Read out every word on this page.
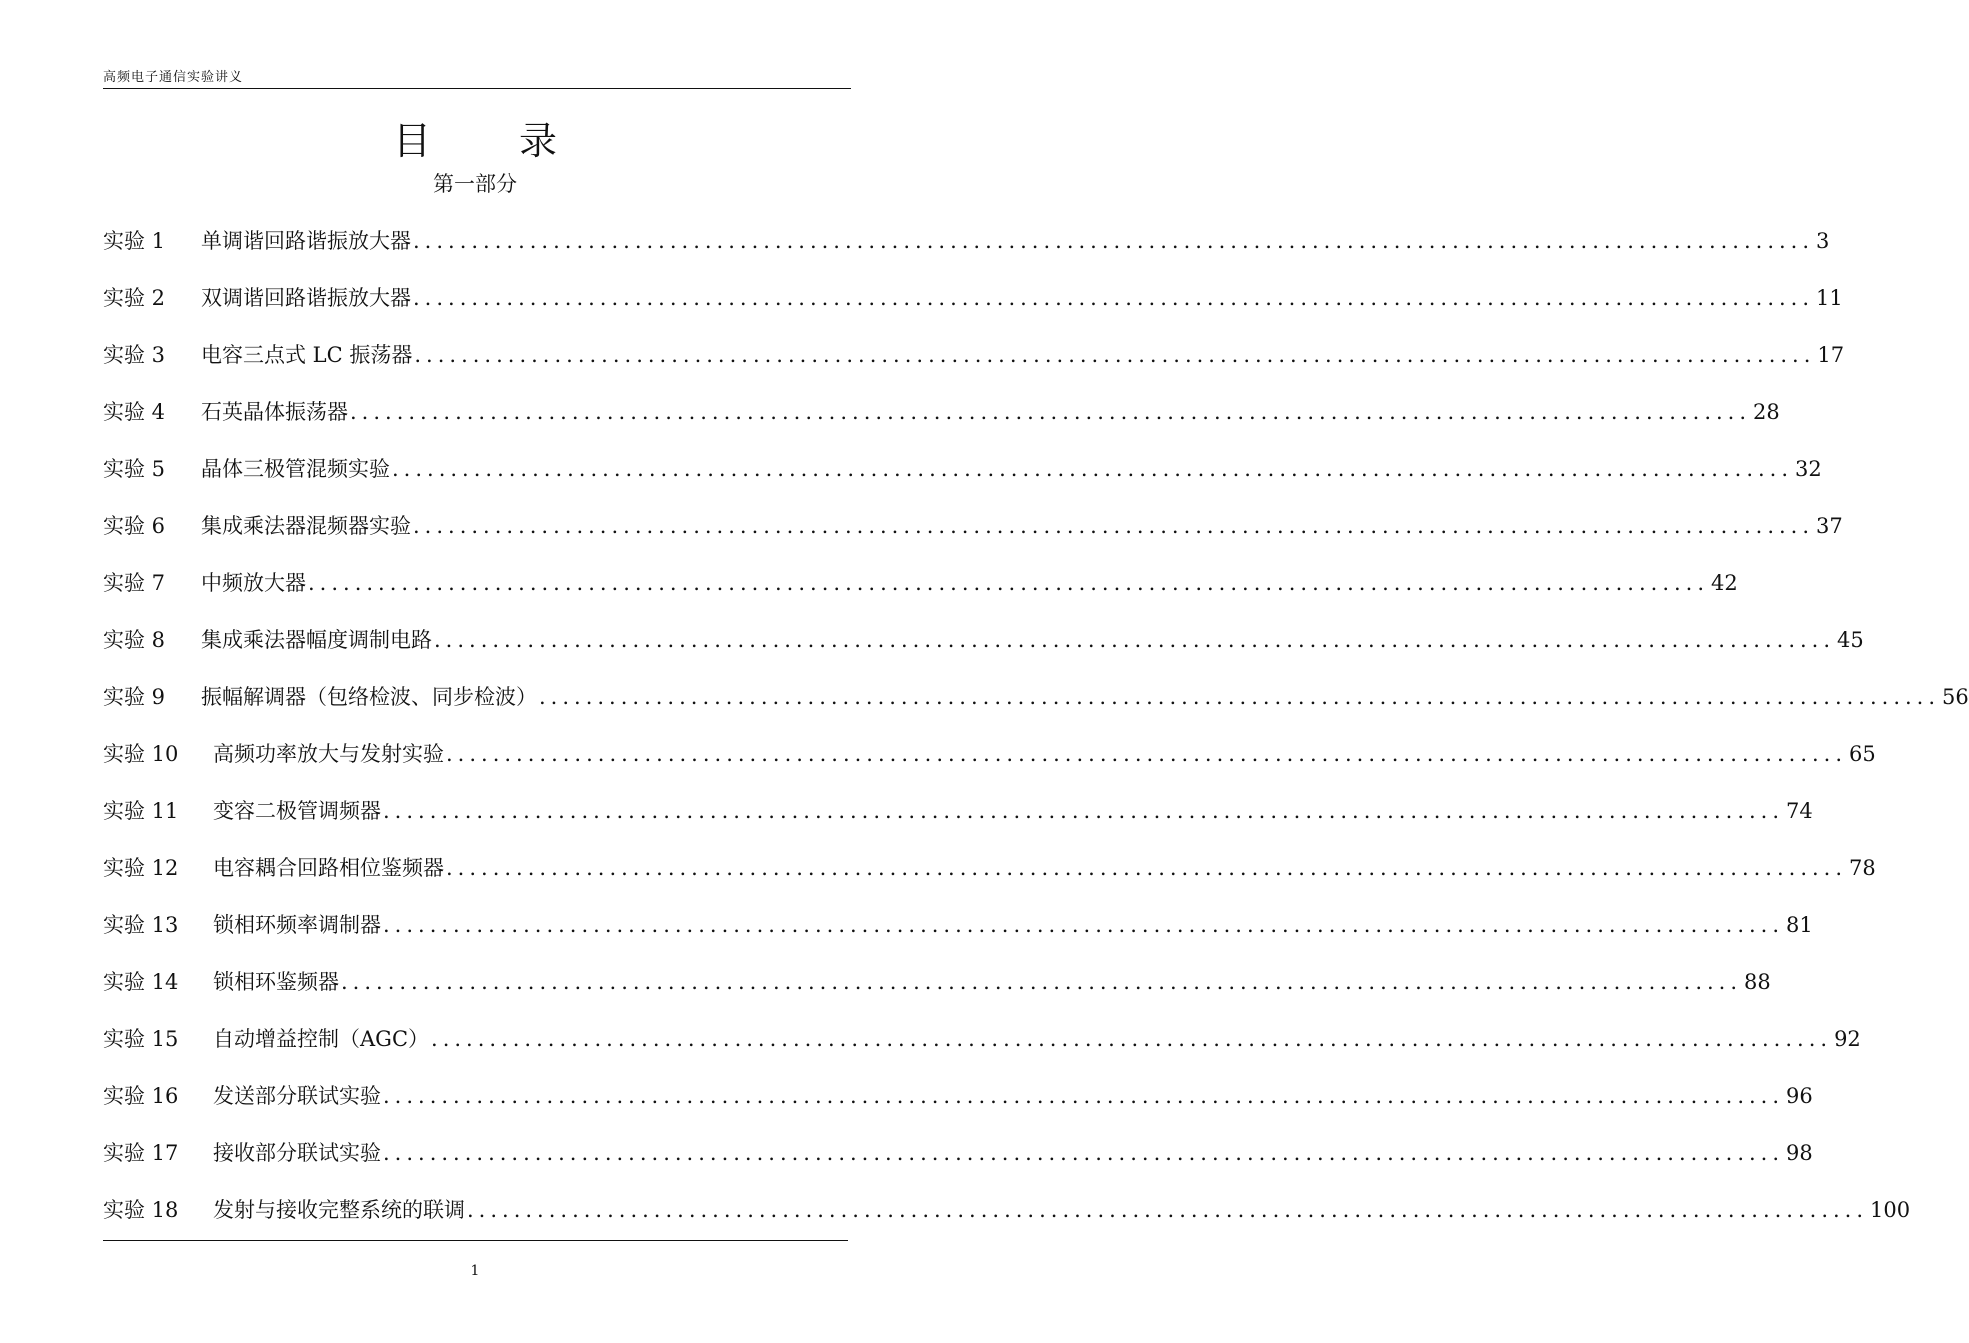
高频电子通信实验讲义
目 录
第一部分
实验 1	单调谐回路谐振放大器 ........................................................................................................................ 3
实验 2	双调谐回路谐振放大器 ........................................................................................................................ 11
实验 3	电容三点式 LC 振荡器 ........................................................................................................................ 17
实验 4	石英晶体振荡器 ........................................................................................................................ 28
实验 5	晶体三极管混频实验 ........................................................................................................................ 32
实验 6	集成乘法器混频器实验 ........................................................................................................................ 37
实验 7	中频放大器 ........................................................................................................................ 42
实验 8	集成乘法器幅度调制电路 ........................................................................................................................ 45
实验 9	振幅解调器（包络检波、同步检波） ........................................................................................................................ 56
实验 10	高频功率放大与发射实验 ........................................................................................................................ 65
实验 11	变容二极管调频器 ........................................................................................................................ 74
实验 12	电容耦合回路相位鉴频器 ........................................................................................................................ 78
实验 13	锁相环频率调制器 ........................................................................................................................ 81
实验 14	锁相环鉴频器 ........................................................................................................................ 88
实验 15	自动增益控制（AGC） ........................................................................................................................ 92
实验 16	发送部分联试实验 ........................................................................................................................ 96
实验 17	接收部分联试实验 ........................................................................................................................ 98
实验 18	发射与接收完整系统的联调 ........................................................................................................................ 100
1
